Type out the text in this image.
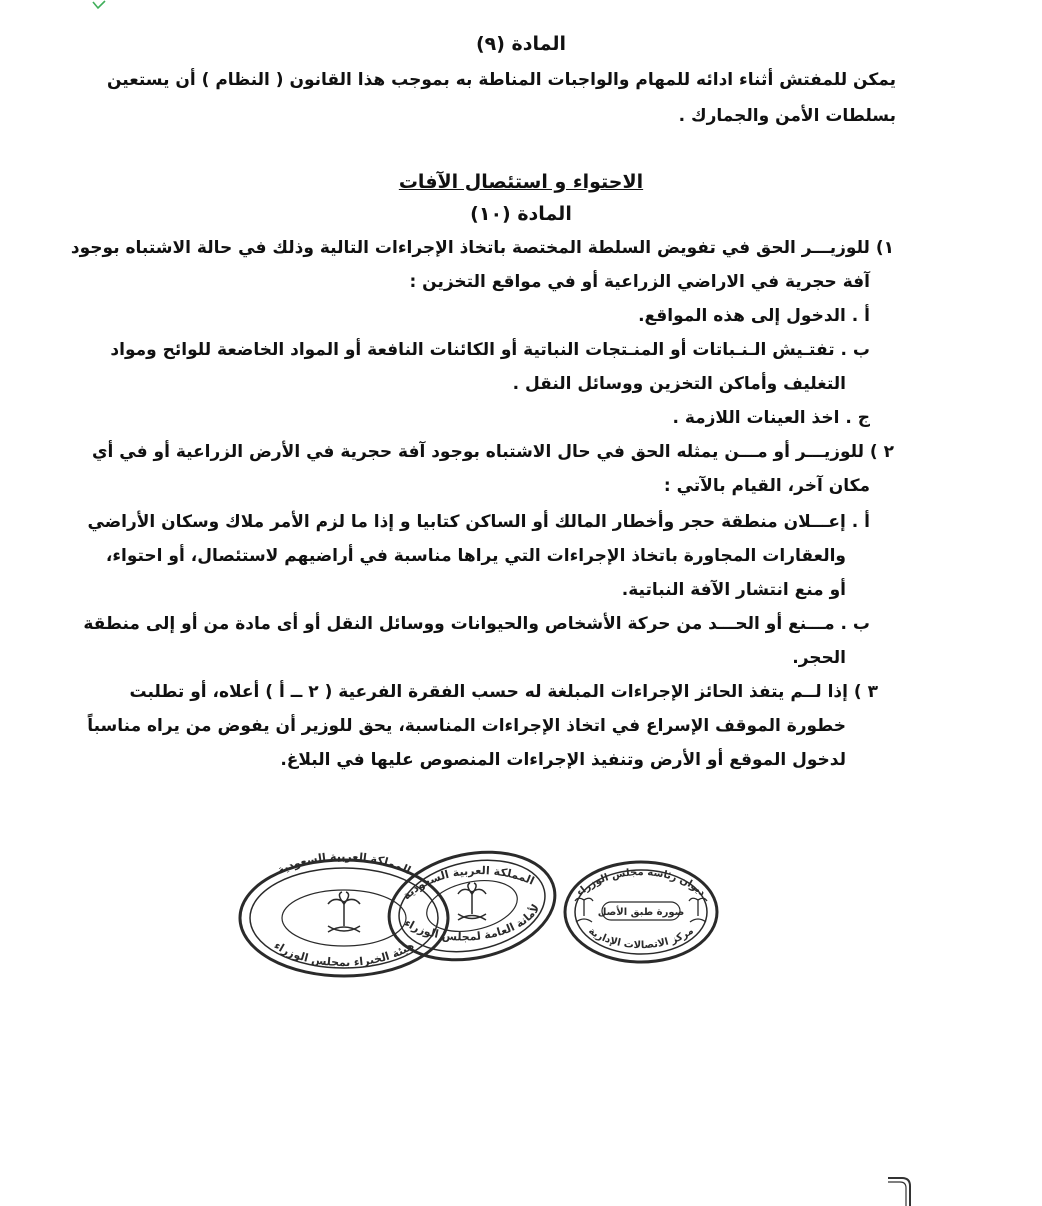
المادة (٩)
يمكن للمفتش أثناء ادائه للمهام والواجبات المناطة به بموجب هذا القانون ( النظام ) أن يستعين
بسلطات الأمن والجمارك .
الاحتواء و استئصال الآفات
المادة (١٠)
١) للوزيـــر الحق في تفويض السلطة المختصة باتخاذ الإجراءات التالية وذلك في حالة الاشتباه بوجود
آفة حجرية في الاراضي الزراعية أو في مواقع التخزين :
أ . الدخول إلى هذه المواقع.
ب . تفتـيش الـنـباتات أو المنـتجات النباتية أو الكائنات النافعة أو المواد الخاضعة للوائح ومواد
التغليف وأماكن التخزين ووسائل النقل .
ج . اخذ العينات اللازمة .
٢ ) للوزيـــر أو مـــن يمثله الحق في حال الاشتباه بوجود آفة حجرية في الأرض الزراعية أو في أي
مكان آخر، القيام بالآتي :
أ . إعـــلان منطقة حجر وأخطار المالك أو الساكن كتابيا و إذا ما لزم الأمر ملاك وسكان الأراضي
والعقارات المجاورة باتخاذ الإجراءات التي يراها مناسبة في أراضيهم لاستئصال، أو احتواء،
أو منع انتشار الآفة النباتية.
ب . مـــنع أو الحـــد من حركة الأشخاص والحيوانات ووسائل النقل أو أى مادة من أو إلى منطقة
الحجر.
٣ ) إذا لــم يتفذ الحائز الإجراءات المبلغة له حسب الفقرة الفرعية ( ٢ ــ أ ) أعلاه، أو تطلبت
خطورة الموقف الإسراع في اتخاذ الإجراءات المناسبة، يحق للوزير أن يفوض من يراه مناسباً
لدخول الموقع أو الأرض وتنفيذ الإجراءات المنصوص عليها في البلاغ.
المملكة العربية السعودية
هيئة الخبراء بمجلس الوزراء
المملكة العربية السعودية
الأمانة العامة لمجلس الوزراء
ديوان رئاسة مجلس الوزراء
مركز الاتصالات الإدارية
صورة طبق الأصل
